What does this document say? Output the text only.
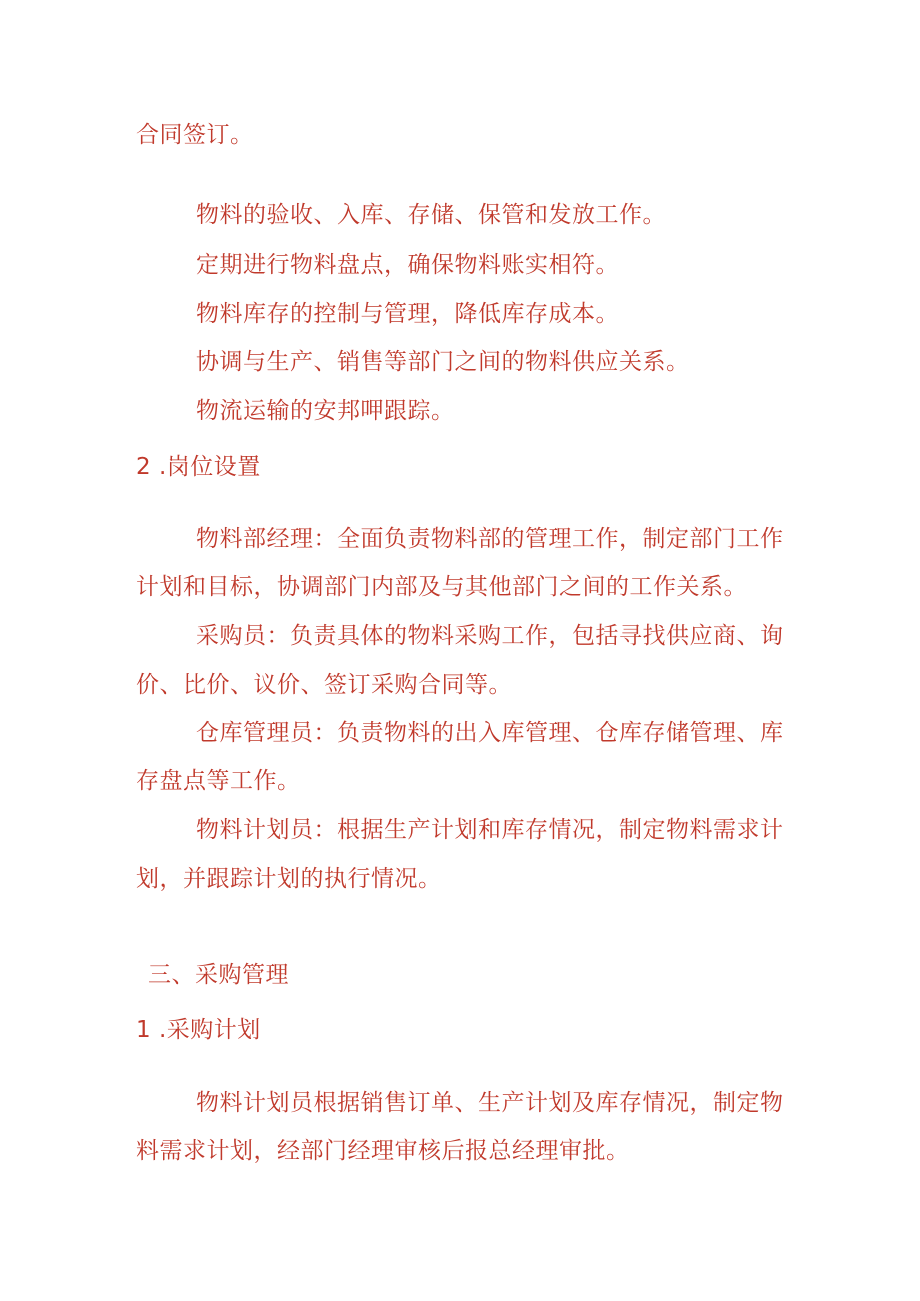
合同签订。
物料的验收、入库、存储、保管和发放工作。
定期进行物料盘点，确保物料账实相符。
物料库存的控制与管理，降低库存成本。
协调与生产、销售等部门之间的物料供应关系。
物流运输的安邦呷跟踪。
2 .岗位设置
物料部经理：全面负责物料部的管理工作，制定部门工作
计划和目标，协调部门内部及与其他部门之间的工作关系。
采购员：负责具体的物料采购工作，包括寻找供应商、询
价、比价、议价、签订采购合同等。
仓库管理员：负责物料的出入库管理、仓库存储管理、库
存盘点等工作。
物料计划员：根据生产计划和库存情况，制定物料需求计
划，并跟踪计划的执行情况。
三、采购管理
1 .采购计划
物料计划员根据销售订单、生产计划及库存情况，制定物
料需求计划，经部门经理审核后报总经理审批。
